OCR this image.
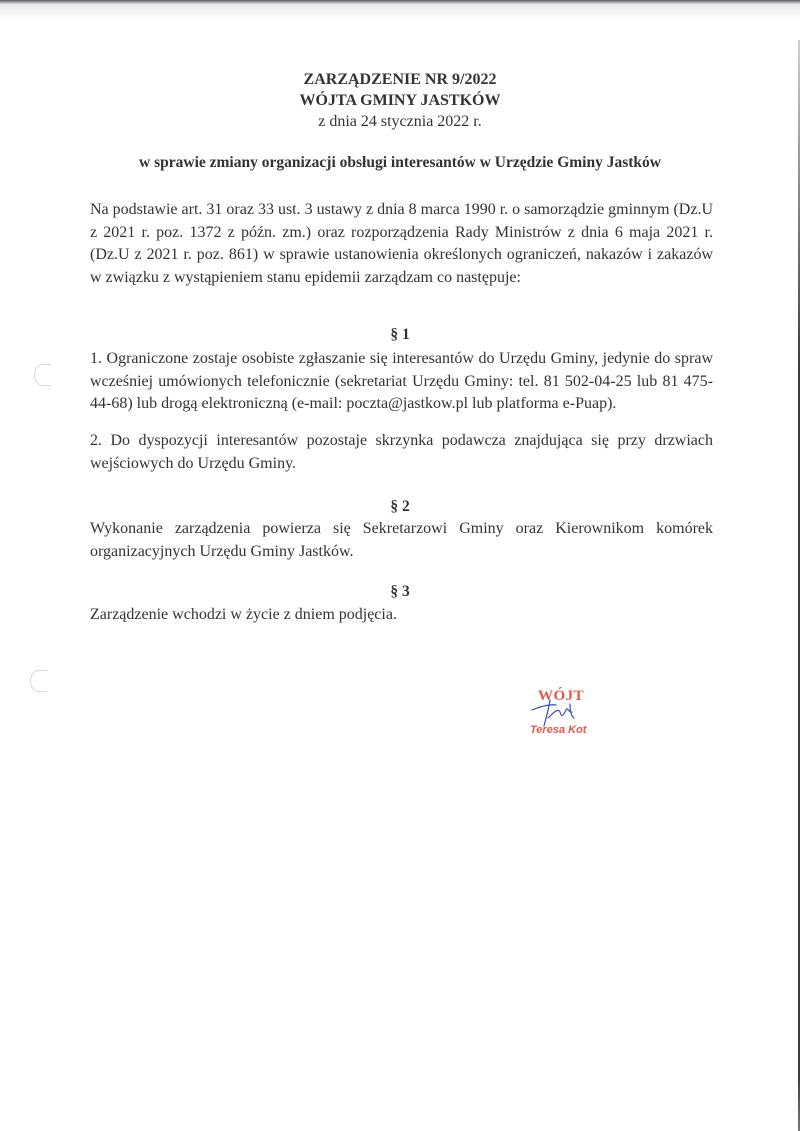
ZARZĄDZENIE NR 9/2022
WÓJTA GMINY JASTKÓW
z dnia 24 stycznia 2022 r.
w sprawie zmiany organizacji obsługi interesantów w Urzędzie Gminy Jastków
Na podstawie art. 31 oraz 33 ust. 3 ustawy z dnia 8 marca 1990 r. o samorządzie gminnym (Dz.U z 2021 r. poz. 1372 z późn. zm.) oraz rozporządzenia Rady Ministrów z dnia 6 maja 2021 r. (Dz.U z 2021 r. poz. 861) w sprawie ustanowienia określonych ograniczeń, nakazów i zakazów w związku z wystąpieniem stanu epidemii zarządzam co następuje:
§ 1
1. Ograniczone zostaje osobiste zgłaszanie się interesantów do Urzędu Gminy, jedynie do spraw wcześniej umówionych telefonicznie (sekretariat Urzędu Gminy: tel. 81 502-04-25 lub 81 475-44-68) lub drogą elektroniczną (e-mail: poczta@jastkow.pl lub platforma e-Puap).
2. Do dyspozycji interesantów pozostaje skrzynka podawcza znajdująca się przy drzwiach wejściowych do Urzędu Gminy.
§ 2
Wykonanie zarządzenia powierza się Sekretarzowi Gminy oraz Kierownikom komórek organizacyjnych Urzędu Gminy Jastków.
§ 3
Zarządzenie wchodzi w życie z dniem podjęcia.
WÓJT
Teresa Kot
